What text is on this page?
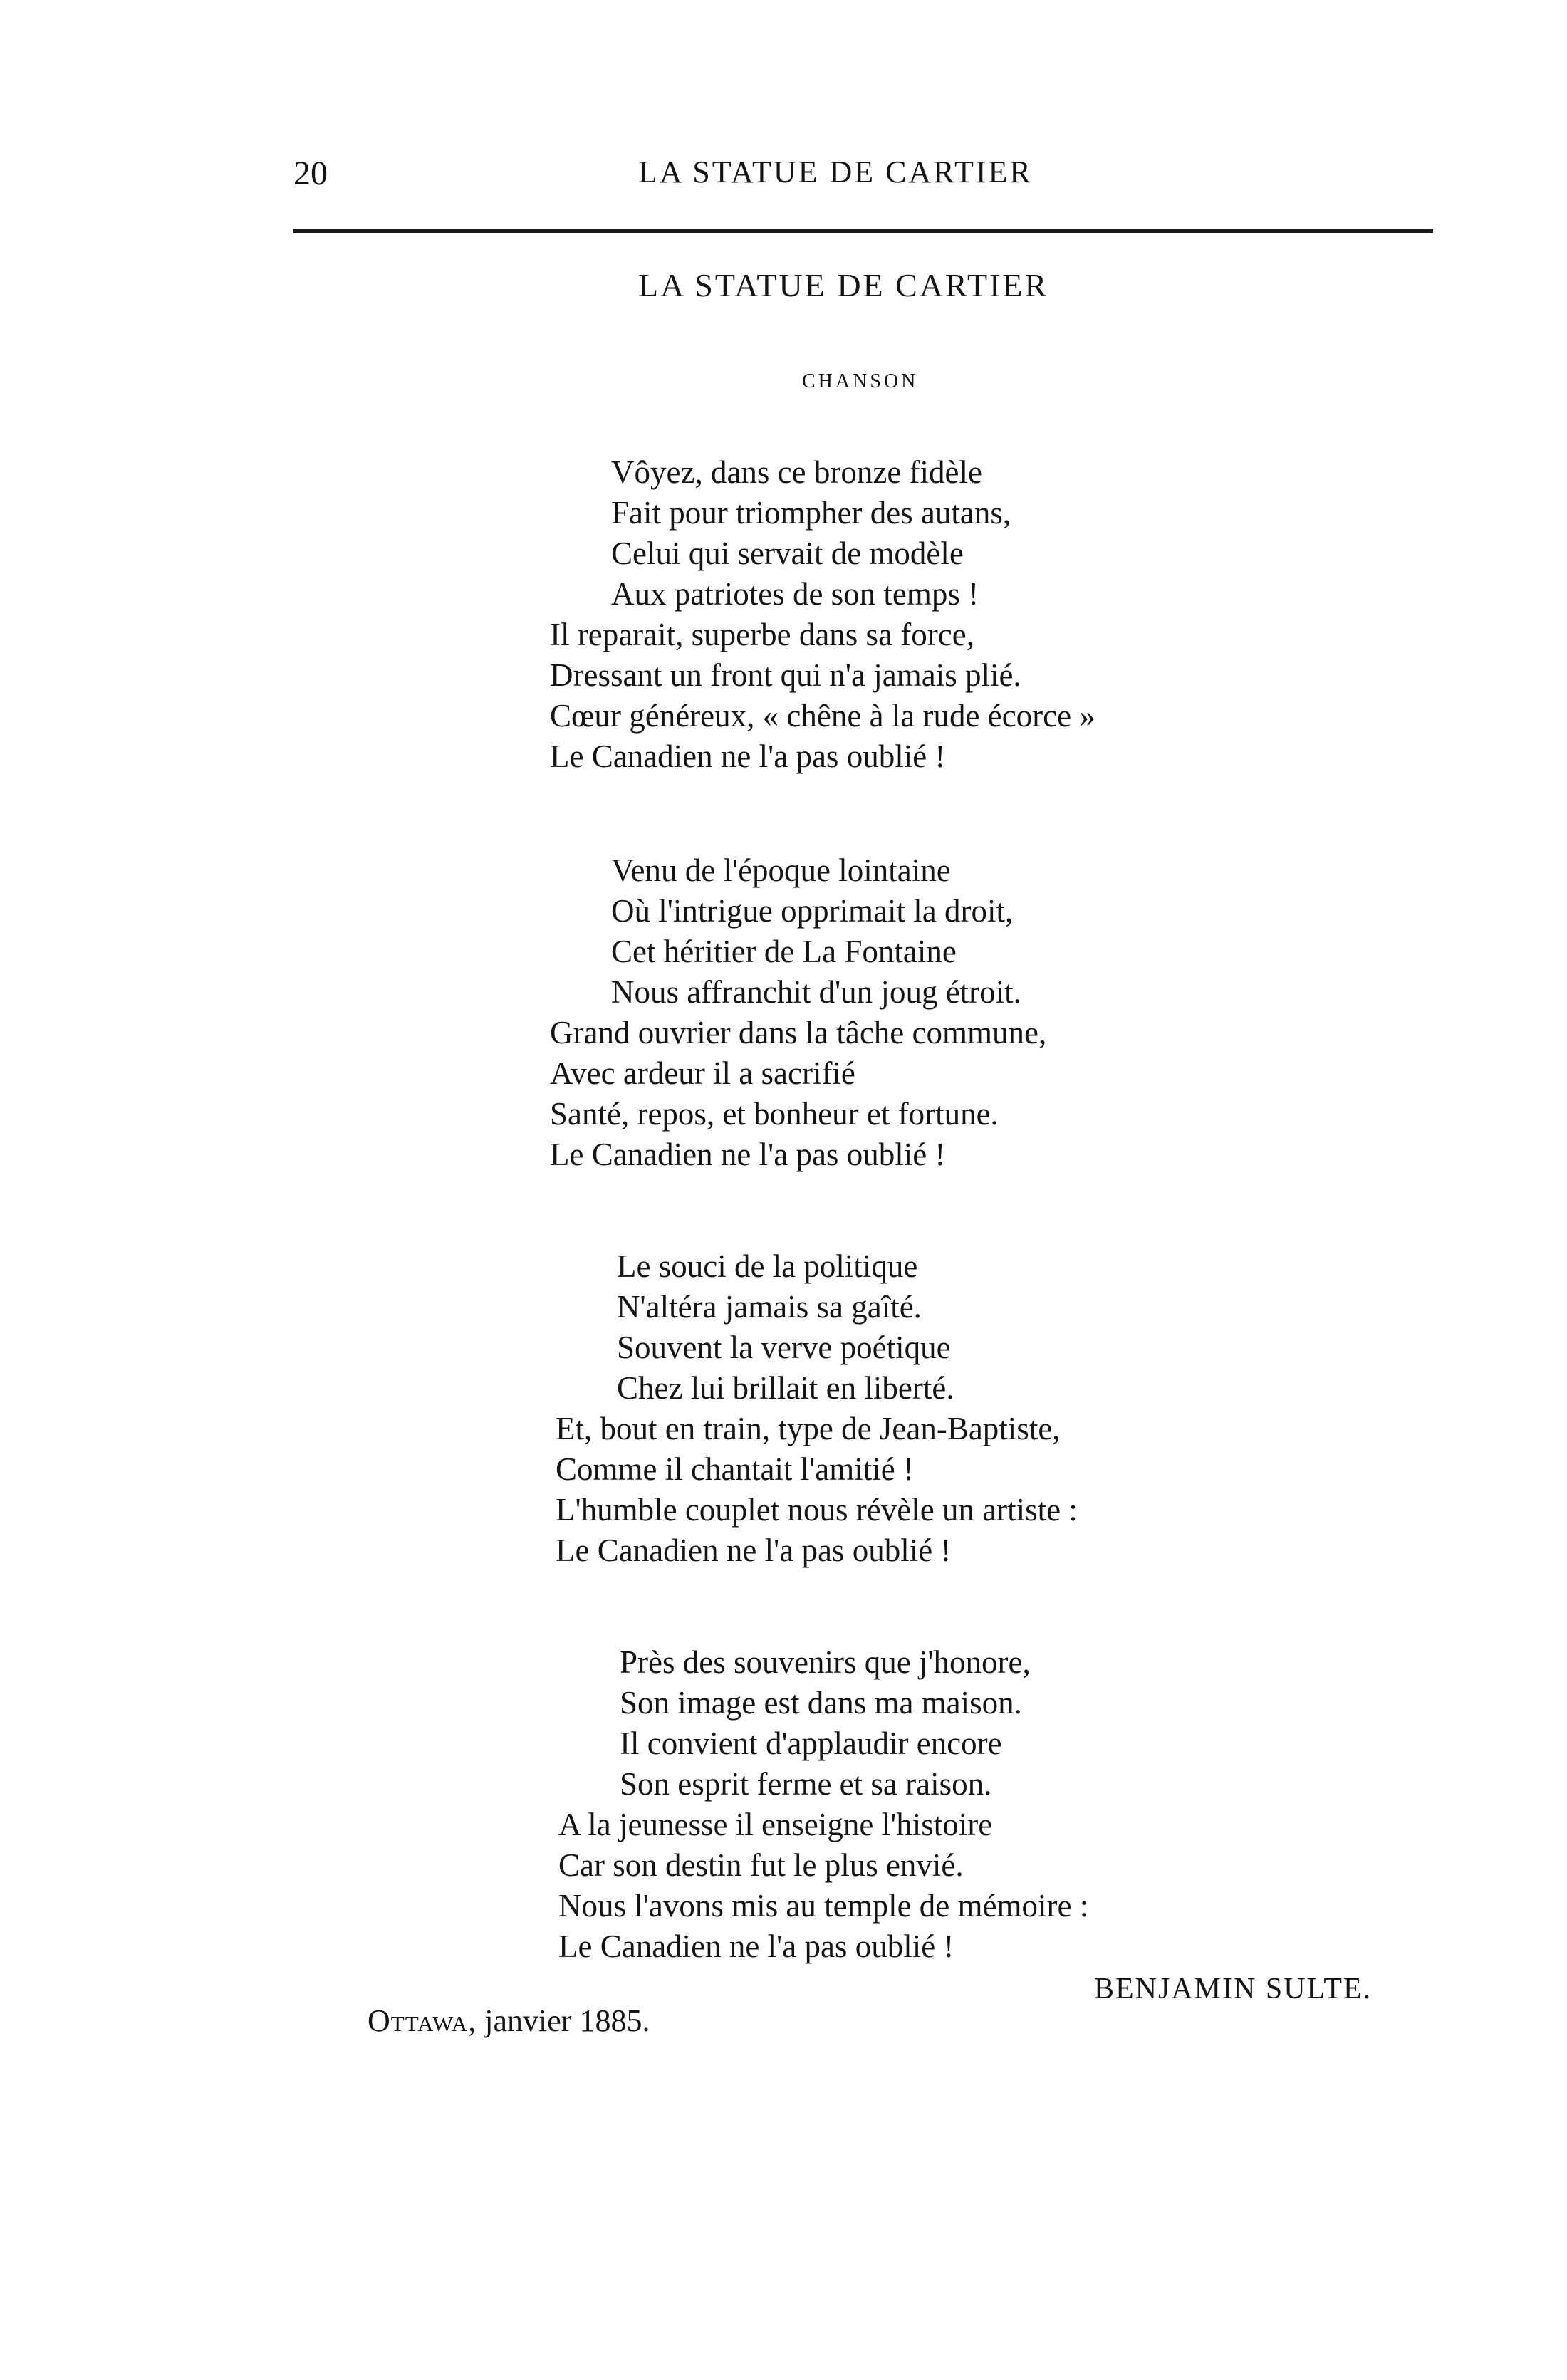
20	LA STATUE DE CARTIER
LA STATUE DE CARTIER
CHANSON
Vôyez, dans ce bronze fidèle
Fait pour triompher des autans,
Celui qui servait de modèle
Aux patriotes de son temps !
Il reparait, superbe dans sa force,
Dressant un front qui n'a jamais plié.
Cœur généreux, « chêne à la rude écorce »
Le Canadien ne l'a pas oublié !
Venu de l'époque lointaine
Où l'intrigue opprimait la droit,
Cet héritier de La Fontaine
Nous affranchit d'un joug étroit.
Grand ouvrier dans la tâche commune,
Avec ardeur il a sacrifié
Santé, repos, et bonheur et fortune.
Le Canadien ne l'a pas oublié !
Le souci de la politique
N'altéra jamais sa gaîté.
Souvent la verve poétique
Chez lui brillait en liberté.
Et, bout en train, type de Jean-Baptiste,
Comme il chantait l'amitié !
L'humble couplet nous révèle un artiste :
Le Canadien ne l'a pas oublié !
Près des souvenirs que j'honore,
Son image est dans ma maison.
Il convient d'applaudir encore
Son esprit ferme et sa raison.
A la jeunesse il enseigne l'histoire
Car son destin fut le plus envié.
Nous l'avons mis au temple de mémoire :
Le Canadien ne l'a pas oublié !
BENJAMIN SULTE.
Ottawa, janvier 1885.
